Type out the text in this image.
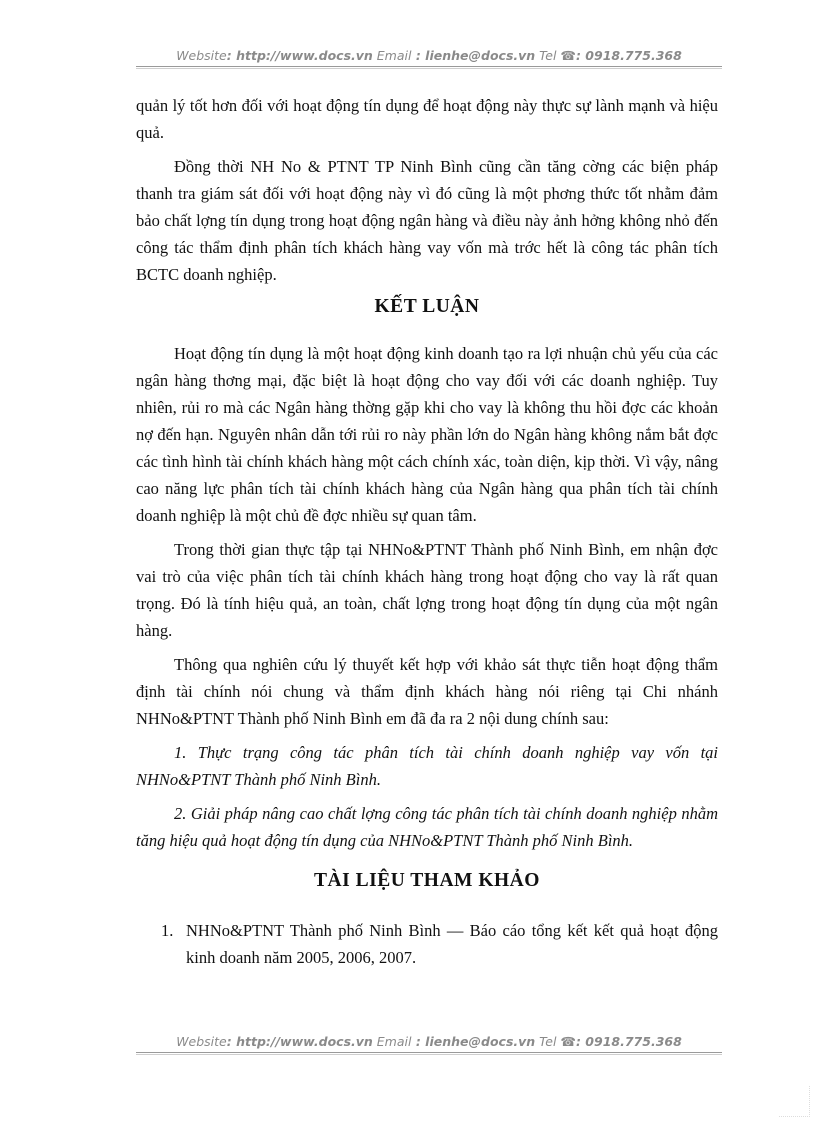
Website: http://www.docs.vn Email : lienhe@docs.vn Tel ☎: 0918.775.368

quản lý tốt hơn đối với hoạt động tín dụng để hoạt động này thực sự lành mạnh và hiệu quả.

Đồng thời NH No & PTNT TP Ninh Bình cũng cần tăng cờng các biện pháp thanh tra giám sát đối với hoạt động này vì đó cũng là một phơng thức tốt nhằm đảm bảo chất lợng tín dụng trong hoạt động ngân hàng và điều này ảnh hởng không nhỏ đến công tác thẩm định phân tích khách hàng vay vốn mà trớc hết là công tác phân tích BCTC doanh nghiệp.

KẾT LUẬN

Hoạt động tín dụng là một hoạt động kinh doanh tạo ra lợi nhuận chủ yếu của các ngân hàng thơng mại, đặc biệt là hoạt động cho vay đối với các doanh nghiệp. Tuy nhiên, rủi ro mà các Ngân hàng thờng gặp khi cho vay là không thu hồi đợc các khoản nợ đến hạn. Nguyên nhân dẫn tới rủi ro này phần lớn do Ngân hàng không nắm bắt đợc các tình hình tài chính khách hàng một cách chính xác, toàn diện, kịp thời. Vì vậy, nâng cao năng lực phân tích tài chính khách hàng của Ngân hàng qua phân tích tài chính doanh nghiệp là một chủ đề đợc nhiều sự quan tâm.

Trong thời gian thực tập tại NHNo&PTNT Thành phố Ninh Bình, em nhận đợc vai trò của việc phân tích tài chính khách hàng trong hoạt động cho vay là rất quan trọng. Đó là tính hiệu quả, an toàn, chất lợng trong hoạt động tín dụng của một ngân hàng.

Thông qua nghiên cứu lý thuyết kết hợp với khảo sát thực tiễn hoạt động thẩm định tài chính nói chung và thẩm định khách hàng nói riêng tại Chi nhánh NHNo&PTNT Thành phố Ninh Bình em đã đa ra 2 nội dung chính sau:

1. Thực trạng công tác phân tích tài chính doanh nghiệp vay vốn tại NHNo&PTNT Thành phố Ninh Bình.

2. Giải pháp nâng cao chất lợng công tác phân tích tài chính doanh nghiệp nhằm tăng hiệu quả hoạt động tín dụng của NHNo&PTNT Thành phố Ninh Bình.

TÀI LIỆU THAM KHẢO
1. NHNo&PTNT Thành phố Ninh Bình — Báo cáo tổng kết kết quả hoạt động kinh doanh năm 2005, 2006, 2007.
Website: http://www.docs.vn Email : lienhe@docs.vn Tel ☎: 0918.775.368
